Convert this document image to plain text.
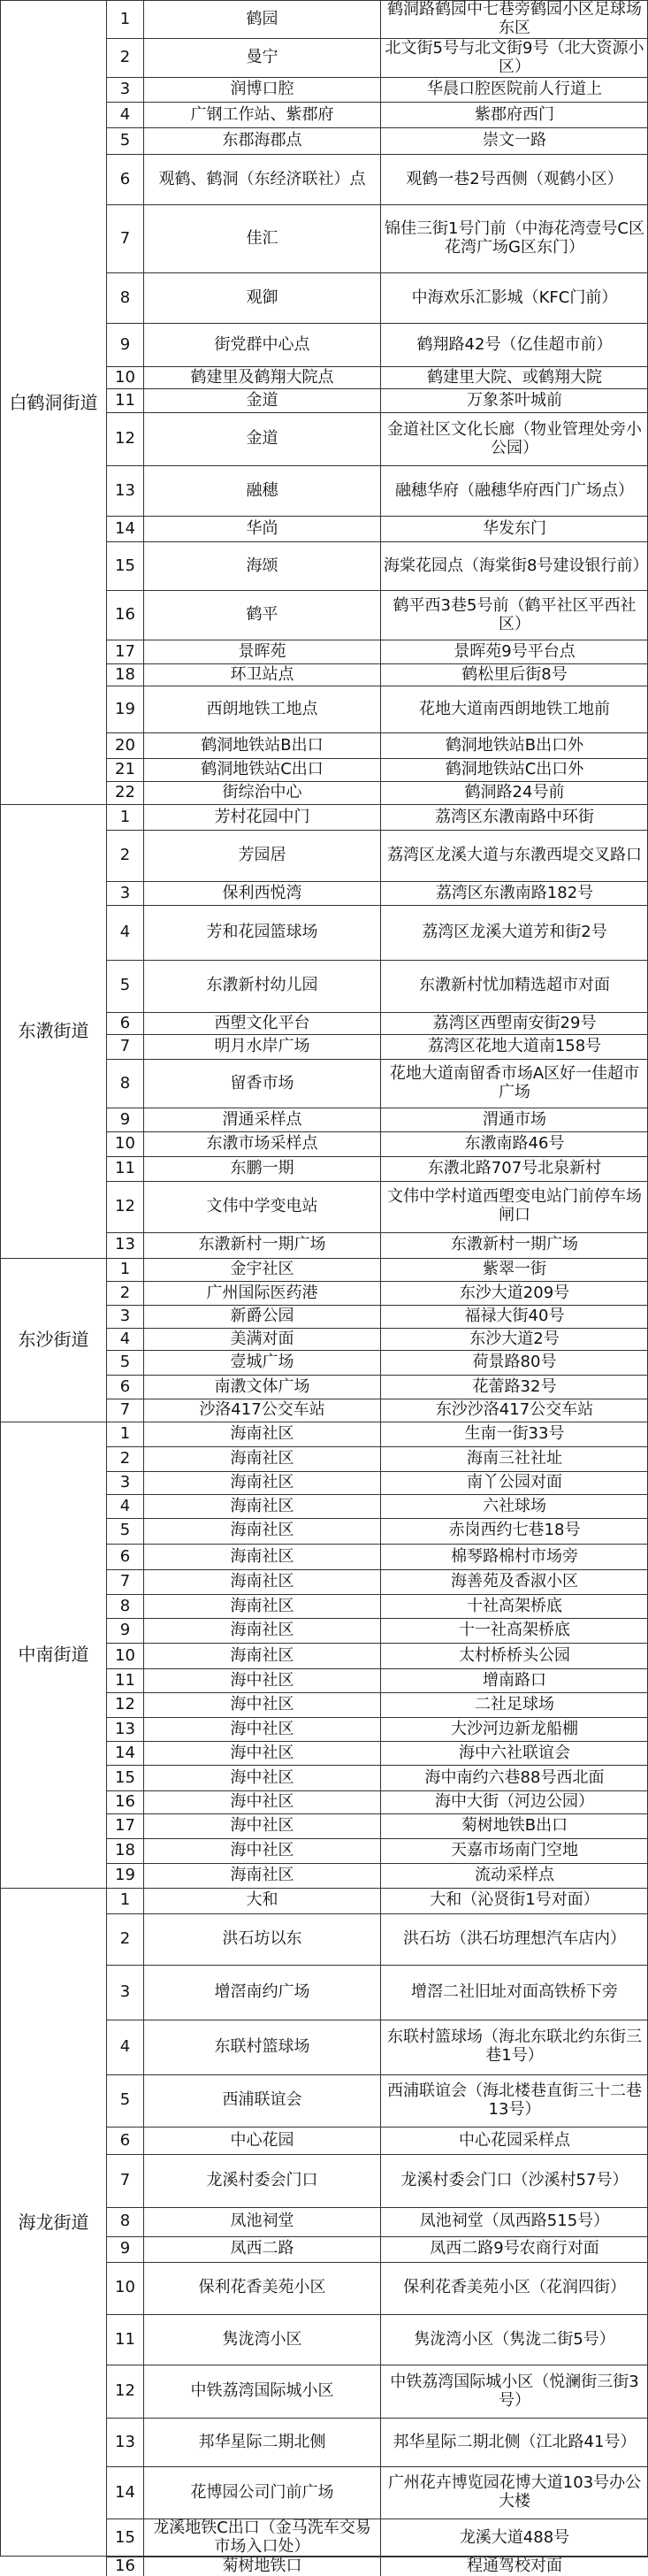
白鹤洞街道
1	鹤园	鹤洞路鹤园中七巷旁鹤园小区足球场东区
2	曼宁	北文街5号与北文街9号（北大资源小区）
3	润博口腔	华晨口腔医院前人行道上
4	广钢工作站、紫郡府	紫郡府西门
5	东郡海郡点	崇文一路
6	观鹤、鹤洞（东经济联社）点	观鹤一巷2号西侧（观鹤小区）
7	佳汇	锦佳三街1号门前（中海花湾壹号C区花湾广场G区东门）
8	观御	中海欢乐汇影城（KFC门前）
9	街党群中心点	鹤翔路42号（亿佳超市前）
10	鹤建里及鹤翔大院点	鹤建里大院、或鹤翔大院
11	金道	万象茶叶城前
12	金道	金道社区文化长廊（物业管理处旁小公园）
13	融穗	融穗华府（融穗华府西门广场点）
14	华尚	华发东门
15	海颂	海棠花园点（海棠街8号建设银行前）
16	鹤平	鹤平西3巷5号前（鹤平社区平西社区）
17	景晖苑	景晖苑9号平台点
18	环卫站点	鹤松里后街8号
19	西朗地铁工地点	花地大道南西朗地铁工地前
20	鹤洞地铁站B出口	鹤洞地铁站B出口外
21	鹤洞地铁站C出口	鹤洞地铁站C出口外
22	街综治中心	鹤洞路24号前
东漖街道
1	芳村花园中门	荔湾区东漖南路中环街
2	芳园居	荔湾区龙溪大道与东漖西堤交叉路口
3	保利西悦湾	荔湾区东漖南路182号
4	芳和花园篮球场	荔湾区龙溪大道芳和街2号
5	东漖新村幼儿园	东漖新村忧加精选超市对面
6	西塱文化平台	荔湾区西塱南安街29号
7	明月水岸广场	荔湾区花地大道南158号
8	留香市场	花地大道南留香市场A区好一佳超市广场
9	渭通采样点	渭通市场
10	东漖市场采样点	东漖南路46号
11	东鹏一期	东漖北路707号北泉新村
12	文伟中学变电站	文伟中学村道西塱变电站门前停车场闸口
13	东漖新村一期广场	东漖新村一期广场
东沙街道
1	金宇社区	紫翠一街
2	广州国际医药港	东沙大道209号
3	新爵公园	福禄大街40号
4	美满对面	东沙大道2号
5	壹城广场	荷景路80号
6	南漖文体广场	花蕾路32号
7	沙洛417公交车站	东沙沙洛417公交车站
中南街道
1	海南社区	生南一街33号
2	海南社区	海南三社社址
3	海南社区	南丫公园对面
4	海南社区	六社球场
5	海南社区	赤岗西约七巷18号
6	海南社区	棉琴路棉村市场旁
7	海南社区	海善苑及香淑小区
8	海南社区	十社高架桥底
9	海南社区	十一社高架桥底
10	海南社区	太村桥桥头公园
11	海中社区	增南路口
12	海中社区	二社足球场
13	海中社区	大沙河边新龙船棚
14	海中社区	海中六社联谊会
15	海中社区	海中南约六巷88号西北面
16	海中社区	海中大街（河边公园）
17	海中社区	菊树地铁B出口
18	海中社区	天嘉市场南门空地
19	海南社区	流动采样点
海龙街道
1	大和	大和（沁贤街1号对面）
2	洪石坊以东	洪石坊（洪石坊理想汽车店内）
3	增滘南约广场	增滘二社旧址对面高铁桥下旁
4	东联村篮球场	东联村篮球场（海北东联北约东街三巷1号）
5	西浦联谊会	西浦联谊会（海北楼巷直街三十二巷13号）
6	中心花园	中心花园采样点
7	龙溪村委会门口	龙溪村委会门口（沙溪村57号）
8	凤池祠堂	凤池祠堂（凤西路515号）
9	凤西二路	凤西二路9号农商行对面
10	保利花香美苑小区	保利花香美苑小区（花润四街）
11	隽泷湾小区	隽泷湾小区（隽泷二街5号）
12	中铁荔湾国际城小区	中铁荔湾国际城小区（悦澜街三街3号）
13	邦华星际二期北侧	邦华星际二期北侧（江北路41号）
14	花博园公司门前广场	广州花卉博览园花博大道103号办公大楼
15	龙溪地铁C出口（金马洗车交易市场入口处）	龙溪大道488号
16	菊树地铁口	程通驾校对面
